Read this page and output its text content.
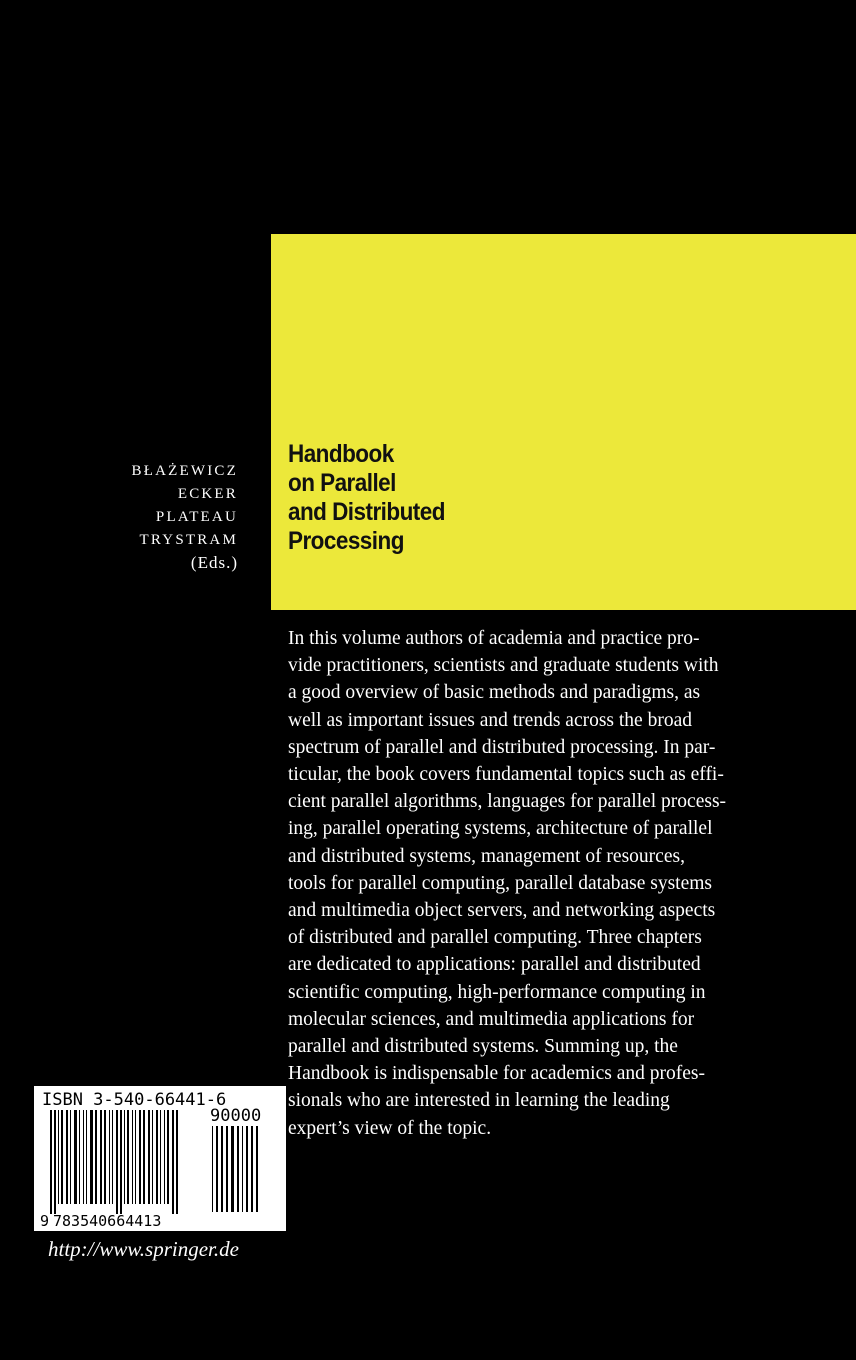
Handbook
on Parallel
and Distributed
Processing
BŁAŻEWICZ
ECKER
PLATEAU
TRYSTRAM
(Eds.)
In this volume authors of academia and practice pro-
vide practitioners, scientists and graduate students with
a good overview of basic methods and paradigms, as
well as important issues and trends across the broad
spectrum of parallel and distributed processing. In par-
ticular, the book covers fundamental topics such as effi-
cient parallel algorithms, languages for parallel process-
ing, parallel operating systems, architecture of parallel
and distributed systems, management of resources,
tools for parallel computing, parallel database systems
and multimedia object servers, and networking aspects
of distributed and parallel computing. Three chapters
are dedicated to applications: parallel and distributed
scientific computing, high-performance computing in
molecular sciences, and multimedia applications for
parallel and distributed systems. Summing up, the
Handbook is indispensable for academics and profes-
sionals who are interested in learning the leading
expert’s view of the topic.
ISBN 3-540-66441-6
90000
9 783540664413
http://www.springer.de
